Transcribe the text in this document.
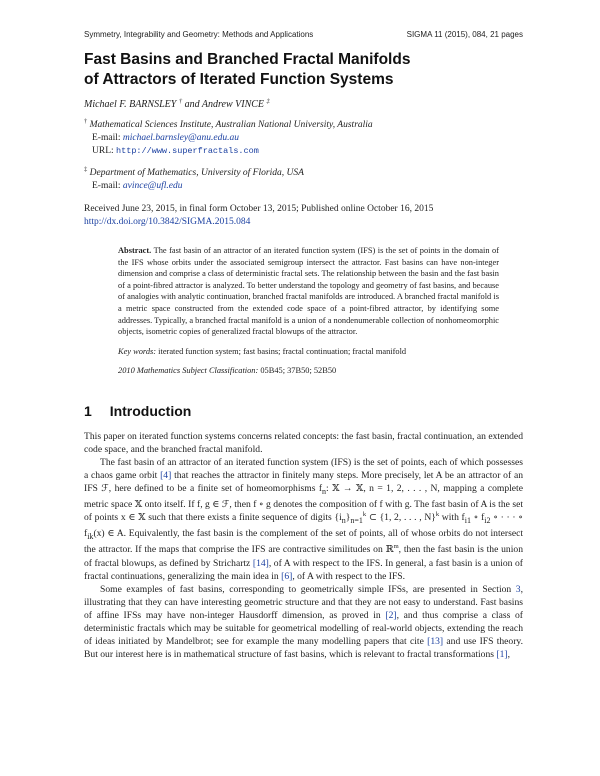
Symmetry, Integrability and Geometry: Methods and Applications	SIGMA 11 (2015), 084, 21 pages
Fast Basins and Branched Fractal Manifolds
of Attractors of Iterated Function Systems
Michael F. BARNSLEY † and Andrew VINCE ‡
† Mathematical Sciences Institute, Australian National University, Australia
E-mail: michael.barnsley@anu.edu.au
URL: http://www.superfractals.com
‡ Department of Mathematics, University of Florida, USA
E-mail: avince@ufl.edu
Received June 23, 2015, in final form October 13, 2015; Published online October 16, 2015
http://dx.doi.org/10.3842/SIGMA.2015.084
Abstract. The fast basin of an attractor of an iterated function system (IFS) is the set of points in the domain of the IFS whose orbits under the associated semigroup intersect the attractor. Fast basins can have non-integer dimension and comprise a class of deterministic fractal sets. The relationship between the basin and the fast basin of a point-fibred attractor is analyzed. To better understand the topology and geometry of fast basins, and because of analogies with analytic continuation, branched fractal manifolds are introduced. A branched fractal manifold is a metric space constructed from the extended code space of a point-fibred attractor, by identifying some addresses. Typically, a branched fractal manifold is a union of a nondenumerable collection of nonhomeomorphic objects, isometric copies of generalized fractal blowups of the attractor.
Key words: iterated function system; fast basins; fractal continuation; fractal manifold
2010 Mathematics Subject Classification: 05B45; 37B50; 52B50
1 Introduction

This paper on iterated function systems concerns related concepts: the fast basin, fractal continuation, an extended code space, and the branched fractal manifold.

The fast basin of an attractor of an iterated function system (IFS) is the set of points, each of which possesses a chaos game orbit [4] that reaches the attractor in finitely many steps. More precisely, let A be an attractor of an IFS ℱ, here defined to be a finite set of homeomorphisms $f_n$: 𝕏 → 𝕏, n = 1, 2, . . . , N, mapping a complete metric space 𝕏 onto itself. If f, g ∈ ℱ, then f ∘ g denotes the composition of f with g. The fast basin of A is the set of points x ∈ 𝕏 such that there exists a finite sequence of digits $\{i_n\}_{n=1}^k$ ⊂ {1, 2, . . . , N}$^k$ with $f_{i1}$ ∘ $f_{i2}$ ∘ · · · ∘ $f_{ik}(x)$ ∈ A. Equivalently, the fast basin is the complement of the set of points, all of whose orbits do not intersect the attractor. If the maps that comprise the IFS are contractive similitudes on ℝ$^m$, then the fast basin is the union of fractal blowups, as defined by Strichartz [14], of A with respect to the IFS. In general, a fast basin is a union of fractal continuations, generalizing the main idea in [6], of A with respect to the IFS.

Some examples of fast basins, corresponding to geometrically simple IFSs, are presented in Section 3, illustrating that they can have interesting geometric structure and that they are not easy to understand. Fast basins of affine IFSs may have non-integer Hausdorff dimension, as proved in [2], and thus comprise a class of deterministic fractals which may be suitable for geometrical modelling of real-world objects, extending the reach of ideas initiated by Mandelbrot; see for example the many modelling papers that cite [13] and use IFS theory. But our interest here is in mathematical structure of fast basins, which is relevant to fractal transformations [1],
